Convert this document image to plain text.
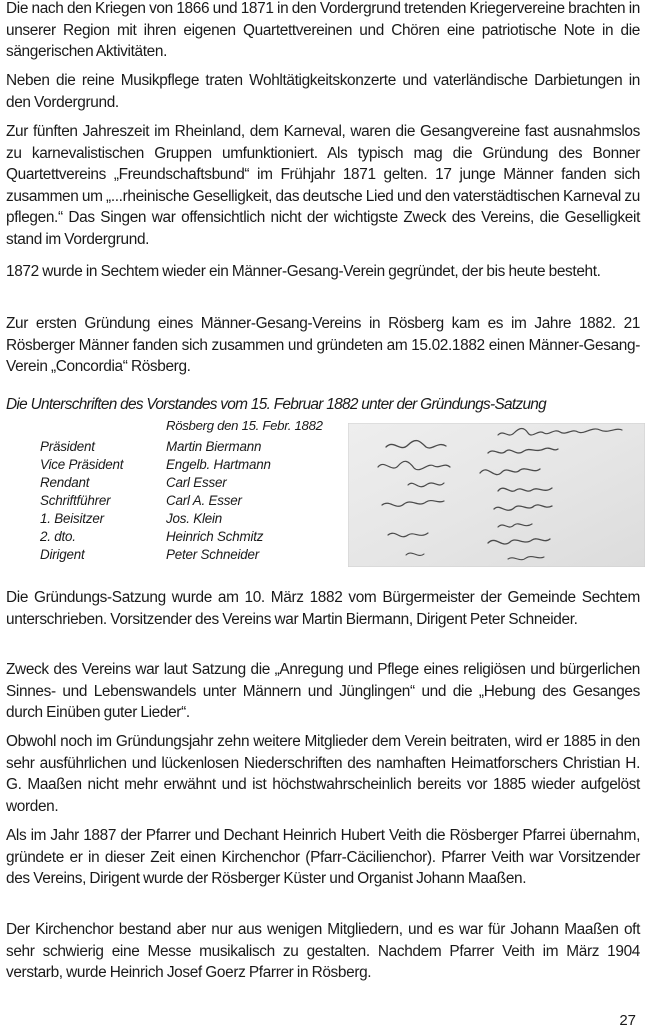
Die nach den Kriegen von 1866 und 1871 in den Vordergrund tretenden Kriegervereine brachten in unserer Region mit ihren eigenen Quartettvereinen und Chören eine patriotische Note in die sängerischen Aktivitäten.

Neben die reine Musikpflege traten Wohltätigkeitskonzerte und vaterländische Darbietungen in den Vordergrund.

Zur fünften Jahreszeit im Rheinland, dem Karneval, waren die Gesangvereine fast ausnahmslos zu karnevalistischen Gruppen umfunktioniert. Als typisch mag die Gründung des Bonner Quartettvereins „Freundschaftsbund“ im Frühjahr 1871 gelten. 17 junge Männer fanden sich zusammen um „...rheinische Geselligkeit, das deutsche Lied und den vaterstädtischen Karneval zu pflegen.“ Das Singen war offensichtlich nicht der wichtigste Zweck des Vereins, die Geselligkeit stand im Vordergrund.

1872 wurde in Sechtem wieder ein Männer-Gesang-Verein gegründet, der bis heute besteht.

Zur ersten Gründung eines Männer-Gesang-Vereins in Rösberg kam es im Jahre 1882. 21 Rösberger Männer fanden sich zusammen und gründeten am 15.02.1882 einen Männer-Gesang-Verein „Concordia“ Rösberg.

Die Unterschriften des Vorstandes vom 15. Februar 1882 unter der Gründungs-Satzung

Rösberg den 15. Febr. 1882
Präsident	Martin Biermann
Vice Präsident	Engelb. Hartmann
Rendant	Carl Esser
Schriftführer	Carl A. Esser
1. Beisitzer	Jos. Klein
2. dto.	Heinrich Schmitz
Dirigent	Peter Schneider

Die Gründungs-Satzung wurde am 10. März 1882 vom Bürgermeister der Gemeinde Sechtem unterschrieben. Vorsitzender des Vereins war Martin Biermann, Dirigent Peter Schneider.

Zweck des Vereins war laut Satzung die „Anregung und Pflege eines religiösen und bürgerlichen Sinnes- und Lebenswandels unter Männern und Jünglingen“ und die „Hebung des Gesanges durch Einüben guter Lieder“.

Obwohl noch im Gründungsjahr zehn weitere Mitglieder dem Verein beitraten, wird er 1885 in den sehr ausführlichen und lückenlosen Niederschriften des namhaften Heimatforschers Christian H. G. Maaßen nicht mehr erwähnt und ist höchstwahrscheinlich bereits vor 1885 wieder aufgelöst worden.

Als im Jahr 1887 der Pfarrer und Dechant Heinrich Hubert Veith die Rösberger Pfarrei übernahm, gründete er in dieser Zeit einen Kirchenchor (Pfarr-Cäcilienchor). Pfarrer Veith war Vorsitzender des Vereins, Dirigent wurde der Rösberger Küster und Organist Johann Maaßen.

Der Kirchenchor bestand aber nur aus wenigen Mitgliedern, und es war für Johann Maaßen oft sehr schwierig eine Messe musikalisch zu gestalten. Nachdem Pfarrer Veith im März 1904 verstarb, wurde Heinrich Josef Goerz Pfarrer in Rösberg.

27
